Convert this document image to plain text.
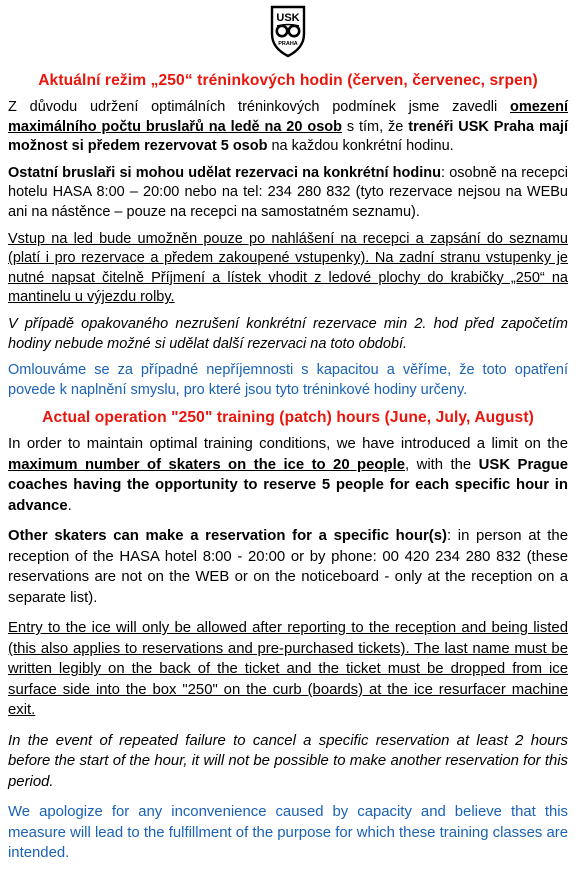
USK
PRAHA
Aktuální režim „250“ tréninkových hodin (červen, červenec, srpen)

Z důvodu udržení optimálních tréninkových podmínek jsme zavedli omezení maximálního počtu bruslařů na ledě na 20 osob s tím, že trenéři USK Praha mají možnost si předem rezervovat 5 osob na každou konkrétní hodinu.

Ostatní bruslaři si mohou udělat rezervaci na konkrétní hodinu: osobně na recepci hotelu HASA 8:00 – 20:00 nebo na tel: 234 280 832 (tyto rezervace nejsou na WEBu ani na nástěnce – pouze na recepci na samostatném seznamu).

Vstup na led bude umožněn pouze po nahlášení na recepci a zapsání do seznamu (platí i pro rezervace a předem zakoupené vstupenky). Na zadní stranu vstupenky je nutné napsat čitelně Příjmení a lístek vhodit z ledové plochy do krabičky „250“ na mantinelu u výjezdu rolby.

V případě opakovaného nezrušení konkrétní rezervace min 2. hod před započetím hodiny nebude možné si udělat další rezervaci na toto období.

Omlouváme se za případné nepříjemnosti s kapacitou a věříme, že toto opatření povede k naplnění smyslu, pro které jsou tyto tréninkové hodiny určeny.

Actual operation "250" training (patch) hours (June, July, August)

In order to maintain optimal training conditions, we have introduced a limit on the maximum number of skaters on the ice to 20 people, with the USK Prague coaches having the opportunity to reserve 5 people for each specific hour in advance.

Other skaters can make a reservation for a specific hour(s): in person at the reception of the HASA hotel 8:00 - 20:00 or by phone: 00 420 234 280 832 (these reservations are not on the WEB or on the noticeboard - only at the reception on a separate list).

Entry to the ice will only be allowed after reporting to the reception and being listed (this also applies to reservations and pre-purchased tickets). The last name must be written legibly on the back of the ticket and the ticket must be dropped from ice surface side into the box "250" on the curb (boards) at the ice resurfacer machine exit.

In the event of repeated failure to cancel a specific reservation at least 2 hours before the start of the hour, it will not be possible to make another reservation for this period.

We apologize for any inconvenience caused by capacity and believe that this measure will lead to the fulfillment of the purpose for which these training classes are intended.
